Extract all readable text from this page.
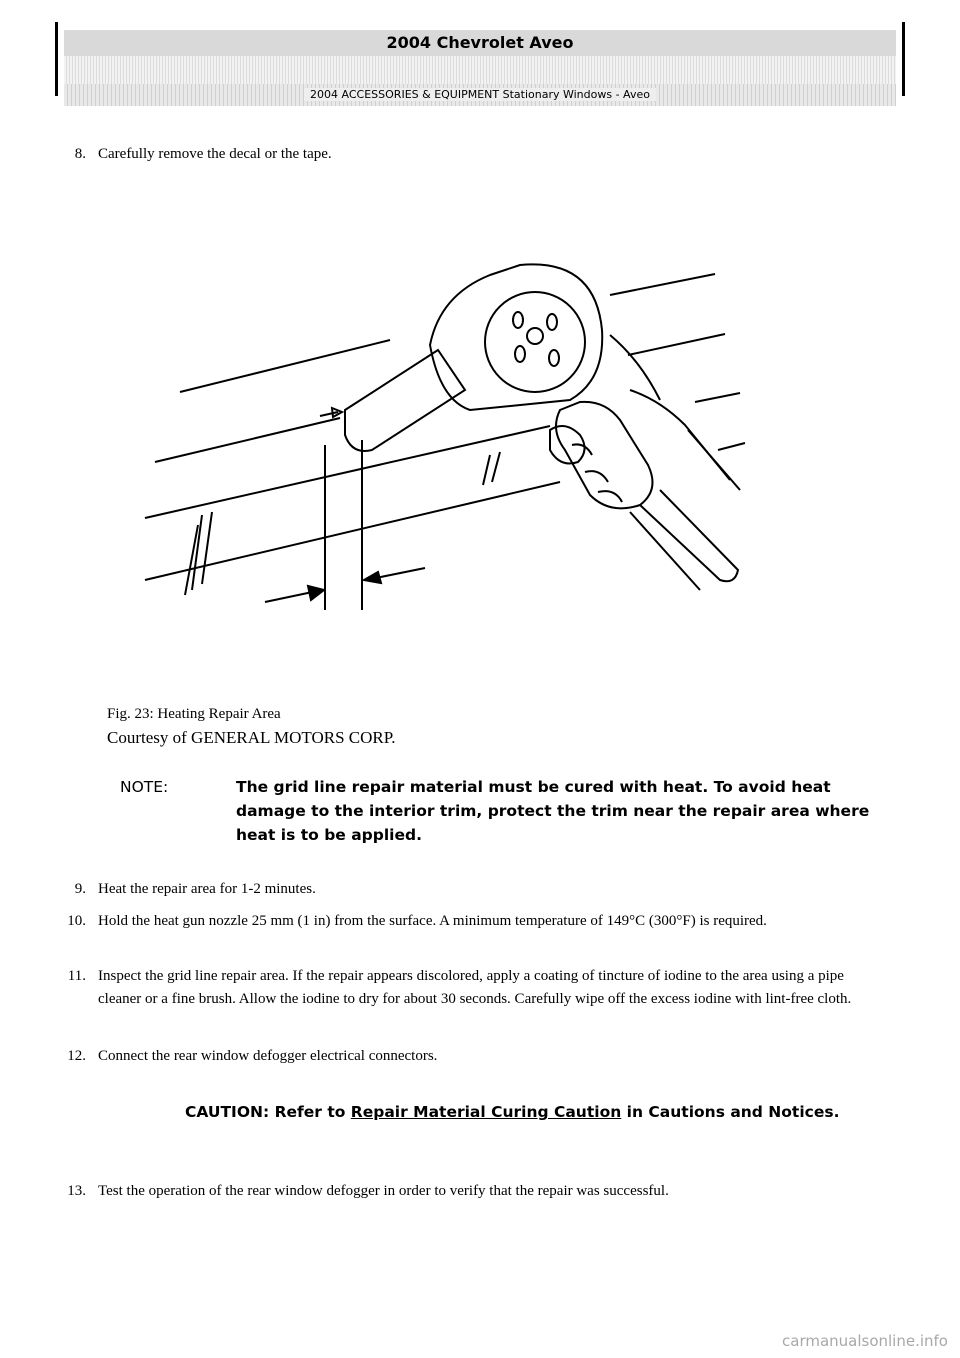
2004 Chevrolet Aveo
2004 ACCESSORIES & EQUIPMENT Stationary Windows - Aveo
8. Carefully remove the decal or the tape.
Fig. 23: Heating Repair Area
Courtesy of GENERAL MOTORS CORP.
NOTE:	The grid line repair material must be cured with heat. To avoid heat damage to the interior trim, protect the trim near the repair area where heat is to be applied.
9. Heat the repair area for 1-2 minutes.
10. Hold the heat gun nozzle 25 mm (1 in) from the surface. A minimum temperature of 149°C (300°F) is required.
11. Inspect the grid line repair area. If the repair appears discolored, apply a coating of tincture of iodine to the area using a pipe cleaner or a fine brush. Allow the iodine to dry for about 30 seconds. Carefully wipe off the excess iodine with lint-free cloth.
12. Connect the rear window defogger electrical connectors.
CAUTION: Refer to Repair Material Curing Caution in Cautions and Notices.
13. Test the operation of the rear window defogger in order to verify that the repair was successful.
carmanualsonline.info
